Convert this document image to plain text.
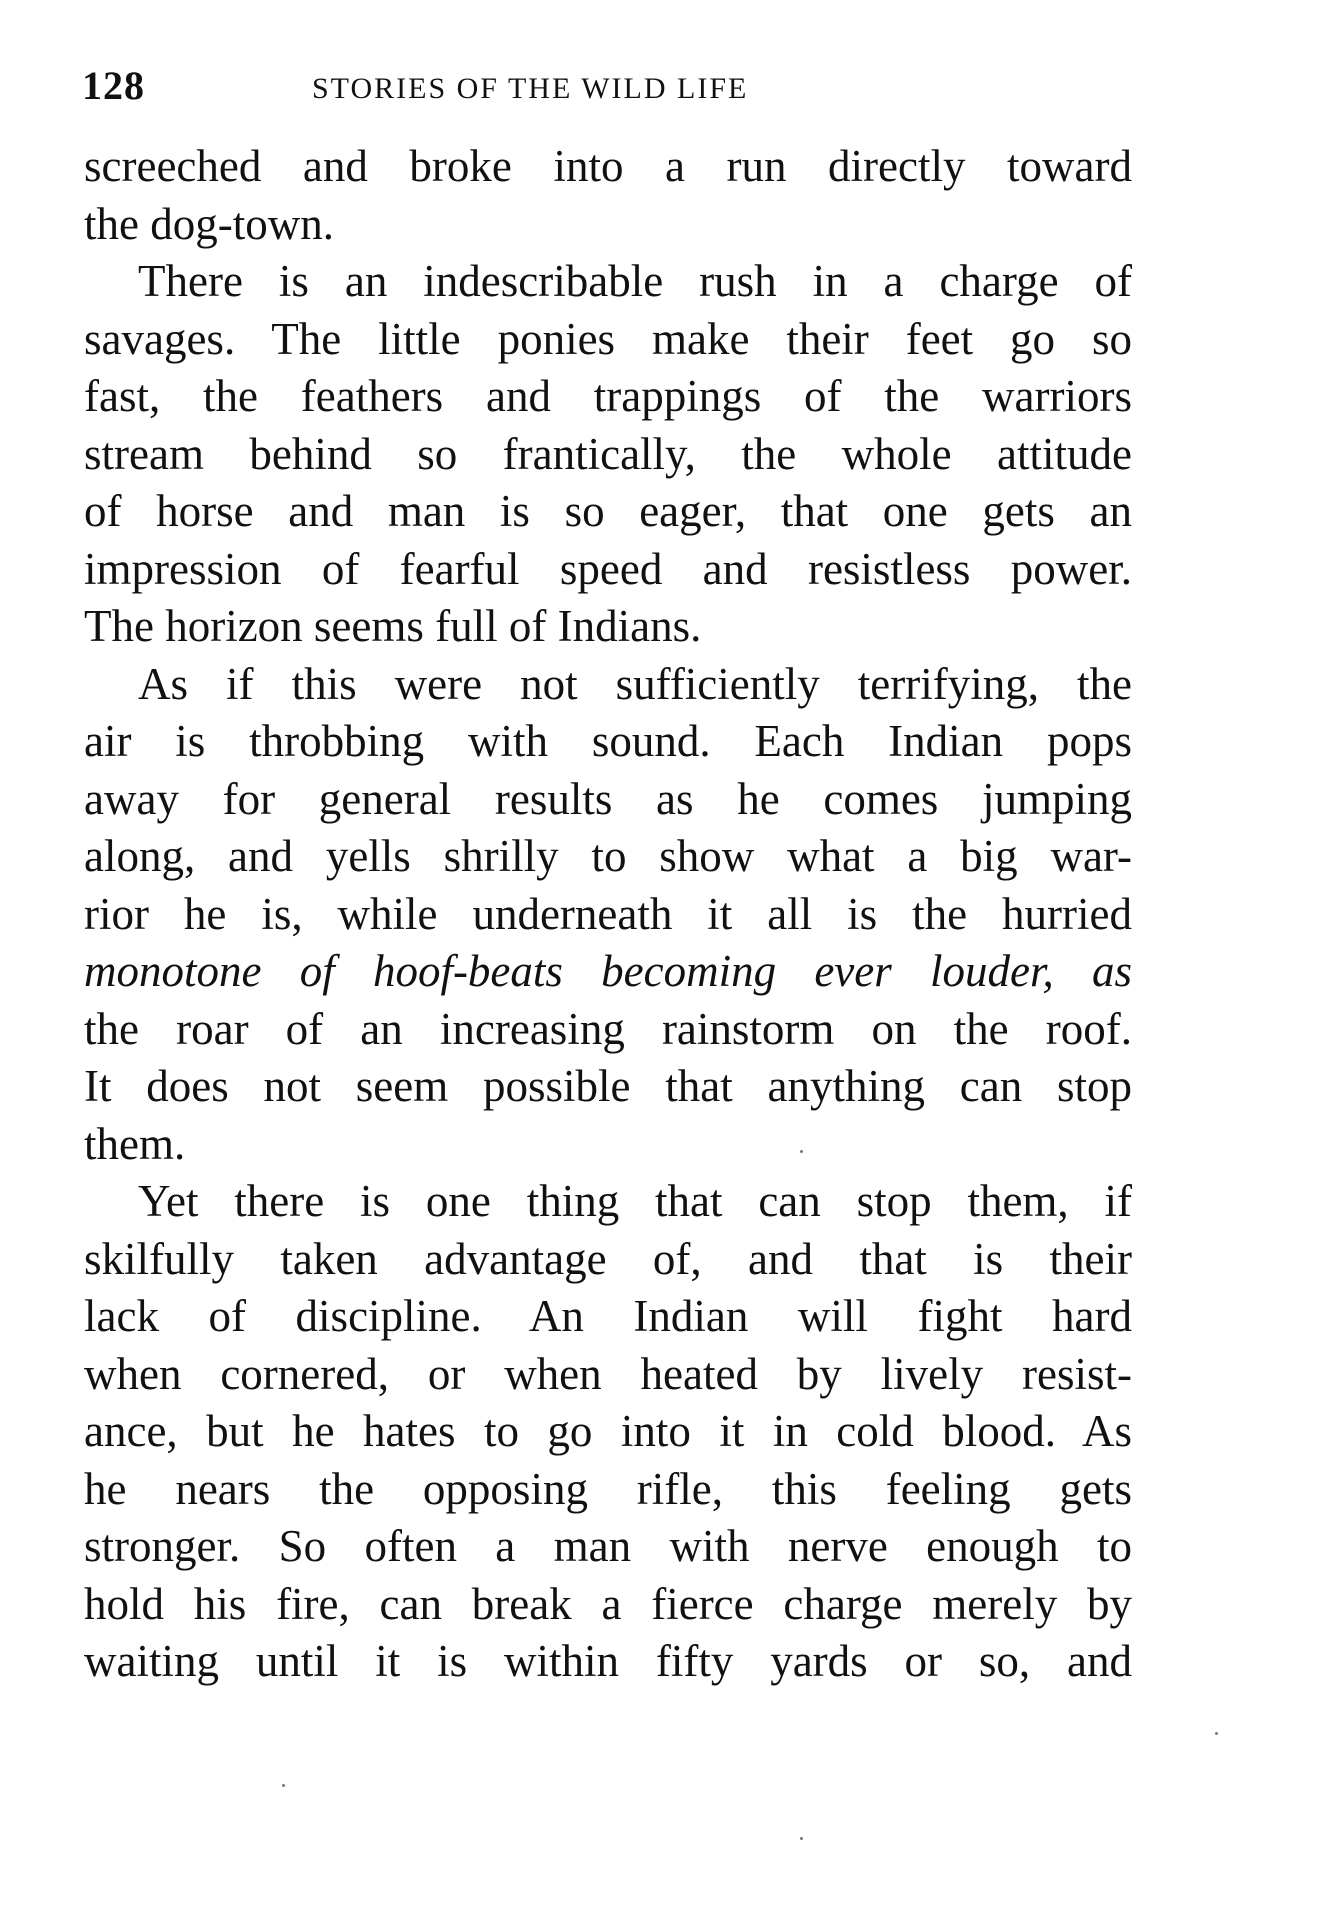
128	STORIES OF THE WILD LIFE
screeched and broke into a run directly toward
the dog-town.
There is an indescribable rush in a charge of
savages. The little ponies make their feet go so
fast, the feathers and trappings of the warriors
stream behind so frantically, the whole attitude
of horse and man is so eager, that one gets an
impression of fearful speed and resistless power.
The horizon seems full of Indians.
As if this were not sufficiently terrifying, the
air is throbbing with sound. Each Indian pops
away for general results as he comes jumping
along, and yells shrilly to show what a big war-
rior he is, while underneath it all is the hurried
monotone of hoof-beats becoming ever louder, as
the roar of an increasing rainstorm on the roof.
It does not seem possible that anything can stop
them.
Yet there is one thing that can stop them, if
skilfully taken advantage of, and that is their
lack of discipline. An Indian will fight hard
when cornered, or when heated by lively resist-
ance, but he hates to go into it in cold blood. As
he nears the opposing rifle, this feeling gets
stronger. So often a man with nerve enough to
hold his fire, can break a fierce charge merely by
waiting until it is within fifty yards or so, and
